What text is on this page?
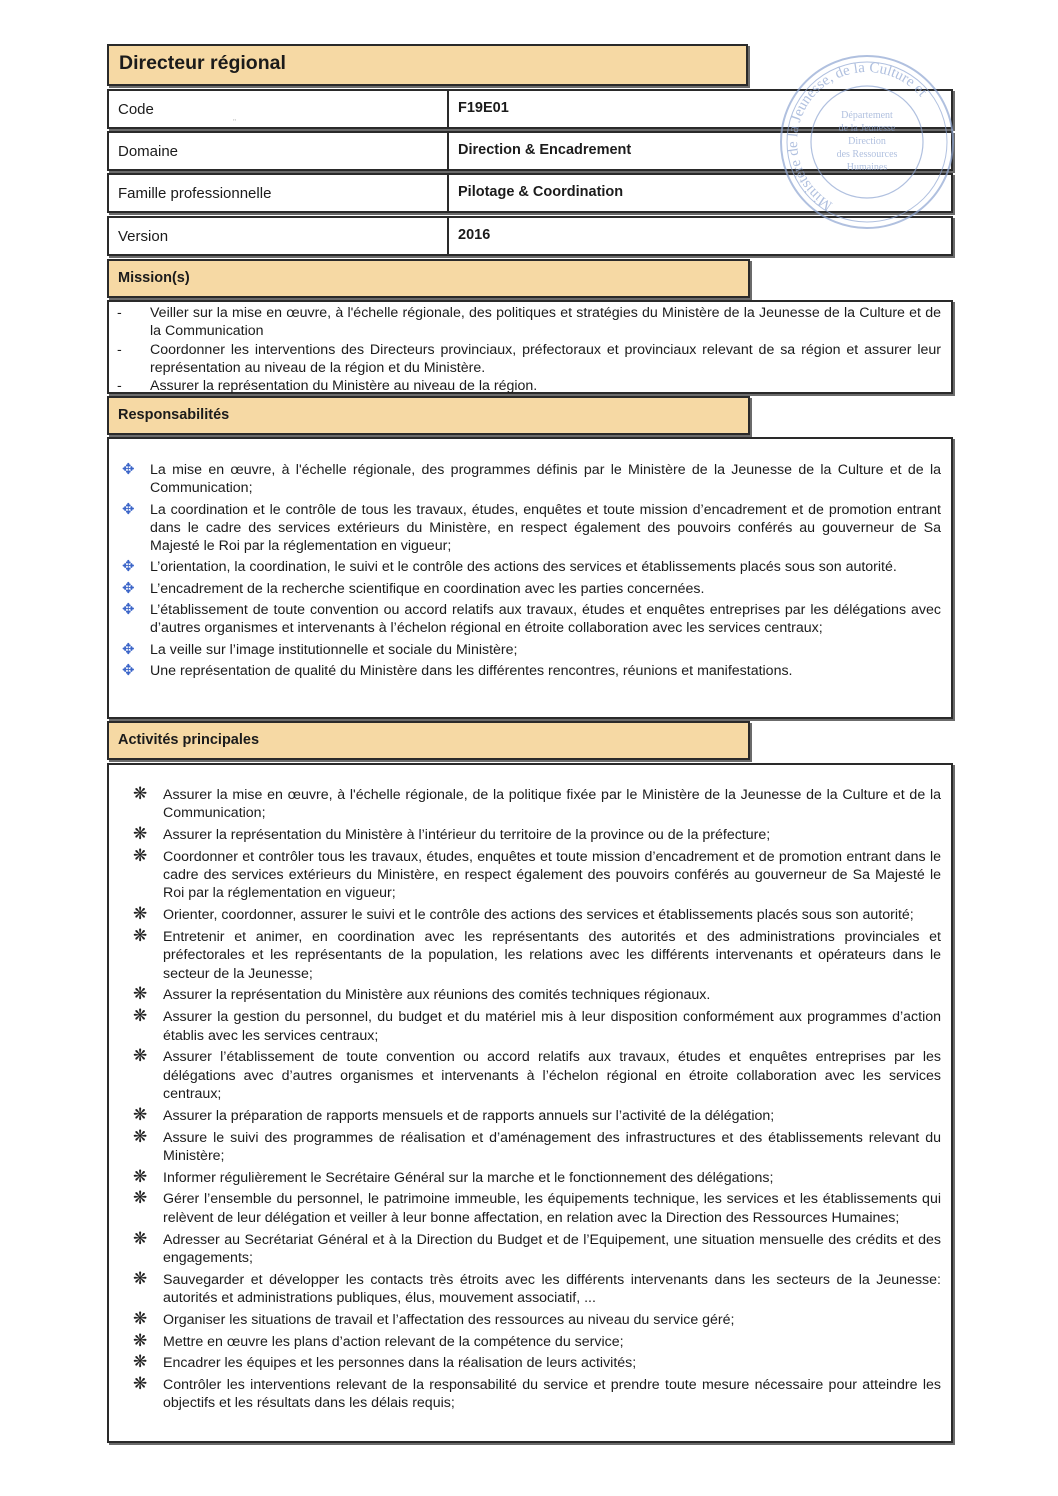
Directeur régional
Code	F19E01
Domaine	Direction & Encadrement
Famille professionnelle	Pilotage & Coordination
Version	2016
Mission(s)
- Veiller sur la mise en œuvre, à l'échelle régionale, des politiques et stratégies du Ministère de la Jeunesse de la Culture et de la Communication
- Coordonner les interventions des Directeurs provinciaux, préfectoraux et provinciaux relevant de sa région et assurer leur représentation au niveau de la région et du Ministère.
- Assurer la représentation du Ministère au niveau de la région.
Responsabilités
✥ La mise en œuvre, à l'échelle régionale, des programmes définis par le Ministère de la Jeunesse de la Culture et de la Communication;
✥ La coordination et le contrôle de tous les travaux, études, enquêtes et toute mission d’encadrement et de promotion entrant dans le cadre des services extérieurs du Ministère, en respect également des pouvoirs conférés au gouverneur de Sa Majesté le Roi par la réglementation en vigueur;
✥ L’orientation, la coordination, le suivi et le contrôle des actions des services et établissements placés sous son autorité.
✥ L’encadrement de la recherche scientifique en coordination avec les parties concernées.
✥ L’établissement de toute convention ou accord relatifs aux travaux, études et enquêtes entreprises par les délégations avec d’autres organismes et intervenants à l’échelon régional en étroite collaboration avec les services centraux;
✥ La veille sur l’image institutionnelle et sociale du Ministère;
✥ Une représentation de qualité du Ministère dans les différentes rencontres, réunions et manifestations.
Activités principales
❋ Assurer la mise en œuvre, à l'échelle régionale, de la politique fixée par le Ministère de la Jeunesse de la Culture et de la Communication;
❋ Assurer la représentation du Ministère à l’intérieur du territoire de la province ou de la préfecture;
❋ Coordonner et contrôler tous les travaux, études, enquêtes et toute mission d’encadrement et de promotion entrant dans le cadre des services extérieurs du Ministère, en respect également des pouvoirs conférés au gouverneur de Sa Majesté le Roi par la réglementation en vigueur;
❋ Orienter, coordonner, assurer le suivi et le contrôle des actions des services et établissements placés sous son autorité;
❋ Entretenir et animer, en coordination avec les représentants des autorités et des administrations provinciales et préfectorales et les représentants de la population, les relations avec les différents intervenants et opérateurs dans le secteur de la Jeunesse;
❋ Assurer la représentation du Ministère aux réunions des comités techniques régionaux.
❋ Assurer la gestion du personnel, du budget et du matériel mis à leur disposition conformément aux programmes d’action établis avec les services centraux;
❋ Assurer l’établissement de toute convention ou accord relatifs aux travaux, études et enquêtes entreprises par les délégations avec d’autres organismes et intervenants à l’échelon régional en étroite collaboration avec les services centraux;
❋ Assurer la préparation de rapports mensuels et de rapports annuels sur l’activité de la délégation;
❋ Assure le suivi des programmes de réalisation et d’aménagement des infrastructures et des établissements relevant du Ministère;
❋ Informer régulièrement le Secrétaire Général sur la marche et le fonctionnement des délégations;
❋ Gérer l’ensemble du personnel, le patrimoine immeuble, les équipements technique, les services et les établissements qui relèvent de leur délégation et veiller à leur bonne affectation, en relation avec la Direction des Ressources Humaines;
❋ Adresser au Secrétariat Général et à la Direction du Budget et de l’Equipement, une situation mensuelle des crédits et des engagements;
❋ Sauvegarder et développer les contacts très étroits avec les différents intervenants dans les secteurs de la Jeunesse: autorités et administrations publiques, élus, mouvement associatif, ...
❋ Organiser les situations de travail et l’affectation des ressources au niveau du service géré;
❋ Mettre en œuvre les plans d’action relevant de la compétence du service;
❋ Encadrer les équipes et les personnes dans la réalisation de leurs activités;
❋ Contrôler les interventions relevant de la responsabilité du service et prendre toute mesure nécessaire pour atteindre les objectifs et les résultats dans les délais requis;
''
Ministère de la Jeunesse, de la Culture et
Département
de la Jeunesse
Direction
des Ressources
Humaines
